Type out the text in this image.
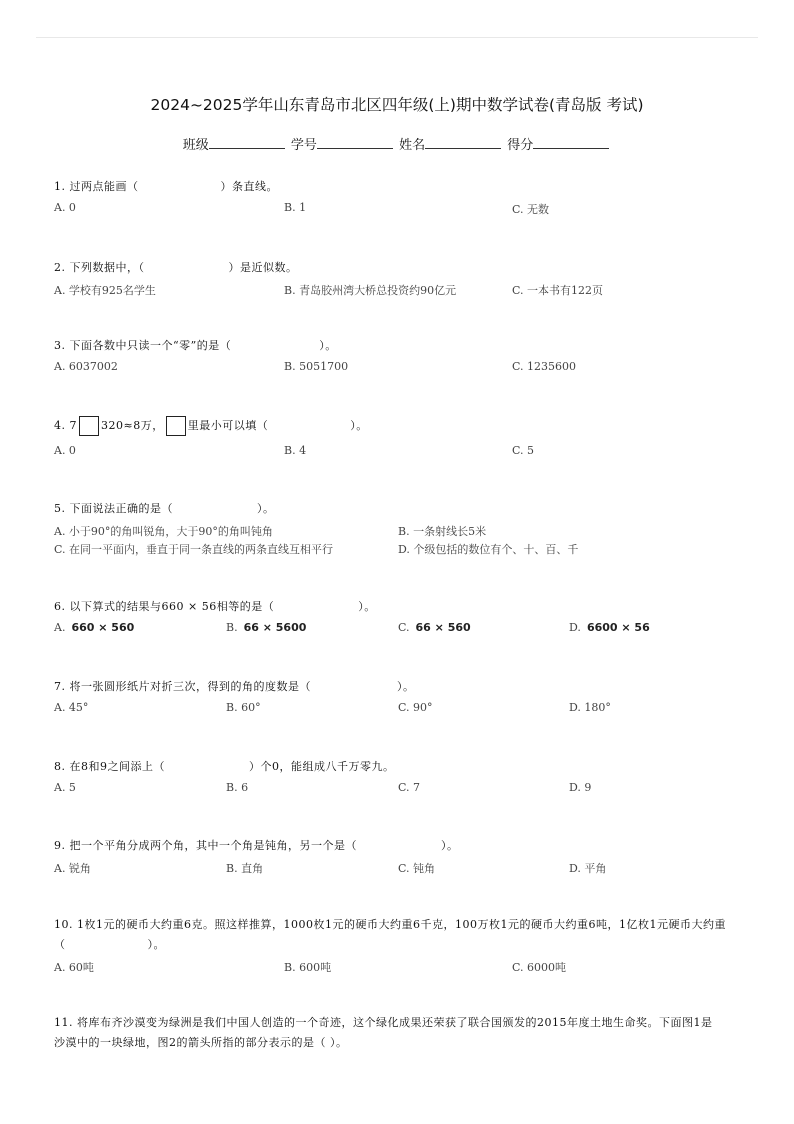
2024~2025学年山东青岛市北区四年级(上)期中数学试卷(青岛版 考试)
班级	学号	姓名	得分
1. 过两点能画（	）条直线。
A. 0	B. 1	C. 无数
2. 下列数据中，（	）是近似数。
A. 学校有925名学生	B. 青岛胶州湾大桥总投资约90亿元	C. 一本书有122页
3. 下面各数中只读一个“零”的是（	）。
A. 6037002	B. 5051700	C. 1235600
4. 7 320≈8万， 里最小可以填（	）。
A. 0	B. 4	C. 5
5. 下面说法正确的是（	）。
A. 小于90°的角叫锐角，大于90°的角叫钝角	B. 一条射线长5米
C. 在同一平面内，垂直于同一条直线的两条直线互相平行	D. 个级包括的数位有个、十、百、千
6. 以下算式的结果与660 × 56相等的是（	）。
A. 660 × 560	B. 66 × 5600	C. 66 × 560	D. 6600 × 56
7. 将一张圆形纸片对折三次，得到的角的度数是（	）。
A. 45°	B. 60°	C. 90°	D. 180°
8. 在8和9之间添上（	）个0，能组成八千万零九。
A. 5	B. 6	C. 7	D. 9
9. 把一个平角分成两个角，其中一个角是钝角，另一个是（	）。
A. 锐角	B. 直角	C. 钝角	D. 平角
10. 1枚1元的硬币大约重6克。照这样推算，1000枚1元的硬币大约重6千克，100万枚1元的硬币大约重6吨，1亿枚1元硬币大约重
（	）。
A. 60吨	B. 600吨	C. 6000吨
11. 将库布齐沙漠变为绿洲是我们中国人创造的一个奇迹，这个绿化成果还荣获了联合国颁发的2015年度土地生命奖。下面图1是
沙漠中的一块绿地，图2的箭头所指的部分表示的是（ ）。
